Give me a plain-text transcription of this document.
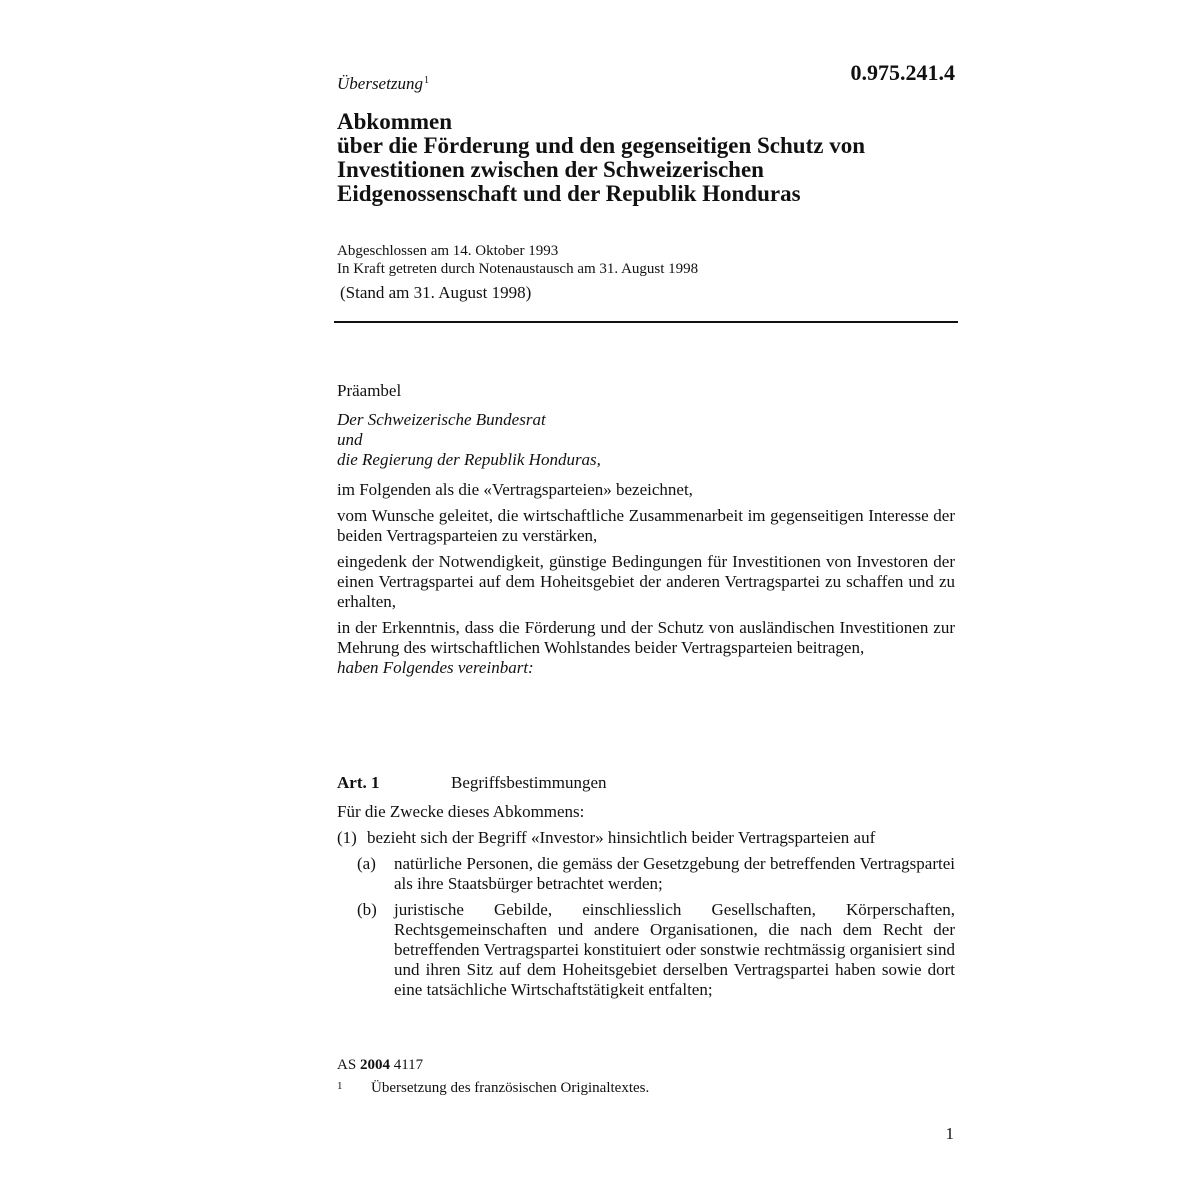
Übersetzung$^1$	0.975.241.4
Abkommen
über die Förderung und den gegenseitigen Schutz von
Investitionen zwischen der Schweizerischen
Eidgenossenschaft und der Republik Honduras
Abgeschlossen am 14. Oktober 1993
In Kraft getreten durch Notenaustausch am 31. August 1998
(Stand am 31. August 1998)
Präambel
Der Schweizerische Bundesrat
und
die Regierung der Republik Honduras,

im Folgenden als die «Vertragsparteien» bezeichnet,

vom Wunsche geleitet, die wirtschaftliche Zusammenarbeit im gegenseitigen Interesse der beiden Vertragsparteien zu verstärken,

eingedenk der Notwendigkeit, günstige Bedingungen für Investitionen von Investoren der einen Vertragspartei auf dem Hoheitsgebiet der anderen Vertragspartei zu schaffen und zu erhalten,

in der Erkenntnis, dass die Förderung und der Schutz von ausländischen Investitionen zur Mehrung des wirtschaftlichen Wohlstandes beider Vertragsparteien beitragen,

haben Folgendes vereinbart:
Art. 1	Begriffsbestimmungen
Für die Zwecke dieses Abkommens:
(1) bezieht sich der Begriff «Investor» hinsichtlich beider Vertragsparteien auf
(a)	natürliche Personen, die gemäss der Gesetzgebung der betreffenden Vertragspartei als ihre Staatsbürger betrachtet werden;
(b)	juristische Gebilde, einschliesslich Gesellschaften, Körperschaften, Rechtsgemeinschaften und andere Organisationen, die nach dem Recht der betreffenden Vertragspartei konstituiert oder sonstwie rechtmässig organisiert sind und ihren Sitz auf dem Hoheitsgebiet derselben Vertragspartei haben sowie dort eine tatsächliche Wirtschaftstätigkeit entfalten;
AS 2004 4117
1	Übersetzung des französischen Originaltextes.
1
